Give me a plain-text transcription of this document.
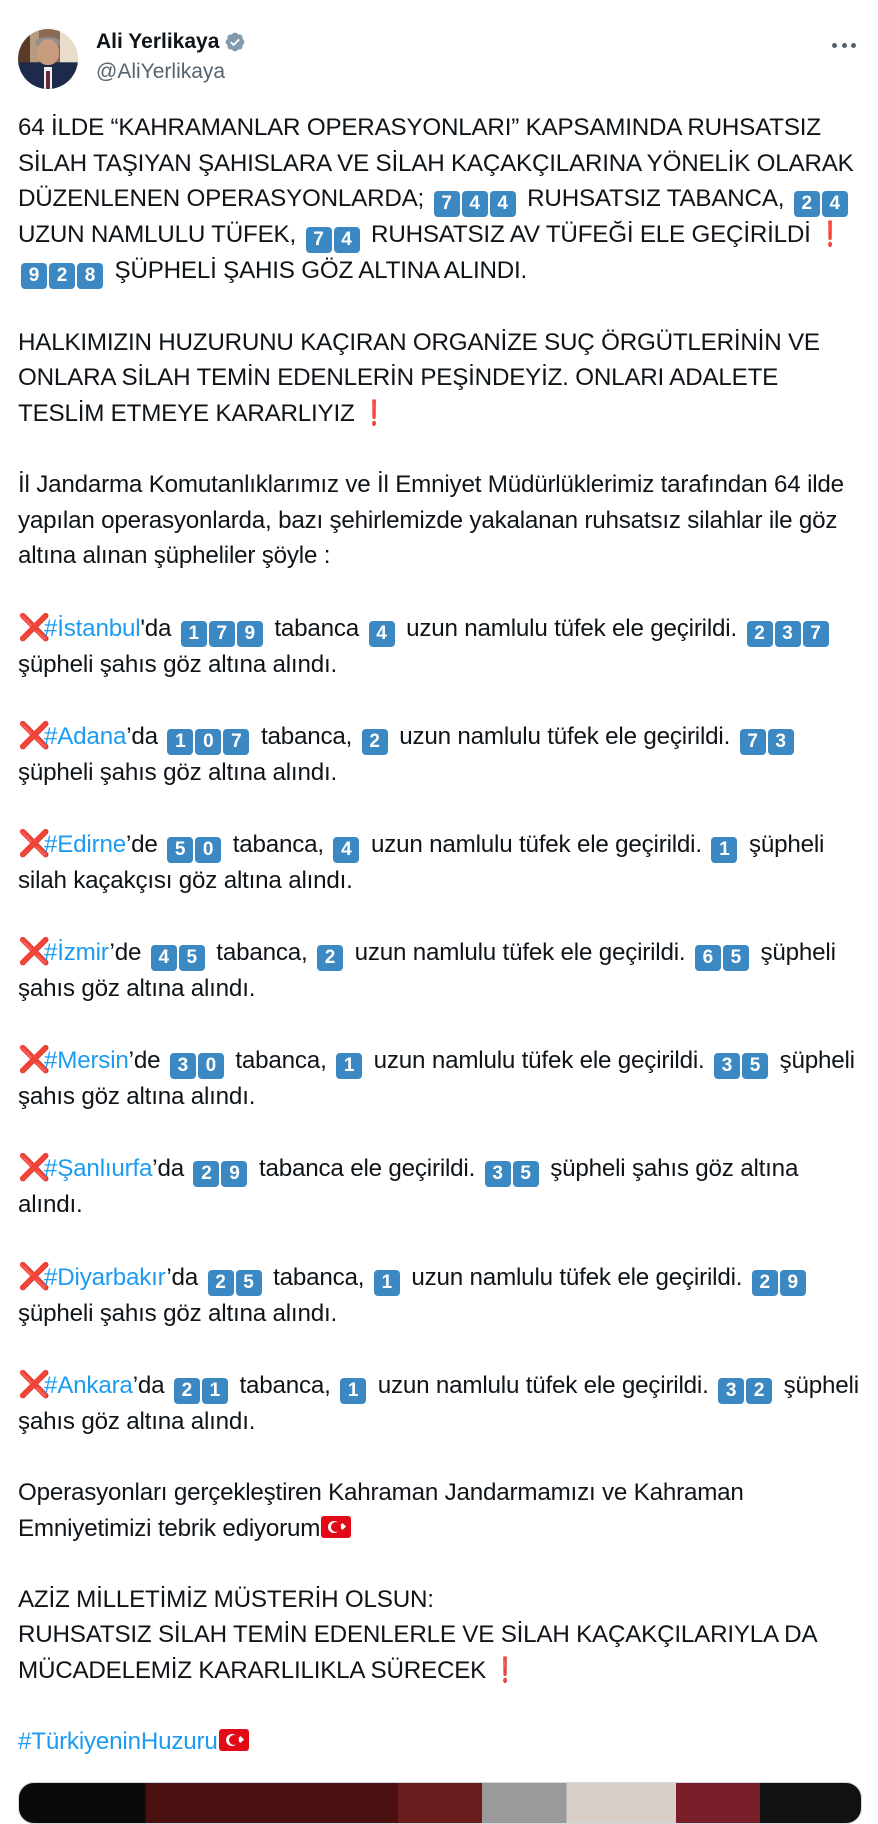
Ali Yerlikaya
@AliYerlikaya

64 İLDE “KAHRAMANLAR OPERASYONLARI” KAPSAMINDA RUHSATSIZ SİLAH TAŞIYAN ŞAHISLARA VE SİLAH KAÇAKÇILARINA YÖNELİK OLARAK DÜZENLENEN OPERASYONLARDA; 7 4 4 RUHSATSIZ TABANCA, 2 4 UZUN NAMLULU TÜFEK, 7 4 RUHSATSIZ AV TÜFEĞİ ELE GEÇİRİLDİ ❗9 2 8 ŞÜPHELİ ŞAHIS GÖZ ALTINA ALINDI.

HALKIMIZIN HUZURUNU KAÇIRAN ORGANİZE SUÇ ÖRGÜTLERİNİN VE ONLARA SİLAH TEMİN EDENLERİN PEŞİNDEYİZ. ONLARI ADALETE TESLİM ETMEYE KARARLIYIZ ❗

İl Jandarma Komutanlıklarımız ve İl Emniyet Müdürlüklerimiz tarafından 64 ilde yapılan operasyonlarda, bazı şehirlemizde yakalanan ruhsatsız silahlar ile göz altına alınan şüpheliler şöyle :

❌#İstanbul'da 1 7 9 tabanca 4 uzun namlulu tüfek ele geçirildi. 2 3 7 şüpheli şahıs göz altına alındı.

❌#Adana’da 1 0 7 tabanca, 2 uzun namlulu tüfek ele geçirildi. 7 3 şüpheli şahıs göz altına alındı.

❌#Edirne’de 5 0 tabanca, 4 uzun namlulu tüfek ele geçirildi. 1 şüpheli silah kaçakçısı göz altına alındı.

❌#İzmir’de 4 5 tabanca, 2 uzun namlulu tüfek ele geçirildi. 6 5 şüpheli şahıs göz altına alındı.

❌#Mersin’de 3 0 tabanca, 1 uzun namlulu tüfek ele geçirildi. 3 5 şüpheli şahıs göz altına alındı.

❌#Şanlıurfa’da 2 9 tabanca ele geçirildi. 3 5 şüpheli şahıs göz altına alındı.

❌#Diyarbakır’da 2 5 tabanca, 1 uzun namlulu tüfek ele geçirildi. 2 9 şüpheli şahıs göz altına alındı.

❌#Ankara’da 2 1 tabanca, 1 uzun namlulu tüfek ele geçirildi. 3 2 şüpheli şahıs göz altına alındı.

Operasyonları gerçekleştiren Kahraman Jandarmamızı ve Kahraman Emniyetimizi tebrik ediyorum

AZİZ MİLLETİMİZ MÜSTERİH OLSUN:
RUHSATSIZ SİLAH TEMİN EDENLERLE VE SİLAH KAÇAKÇILARIYLA DA MÜCADELEMİZ KARARLILIKLA SÜRECEK ❗

#TürkiyeninHuzuru
